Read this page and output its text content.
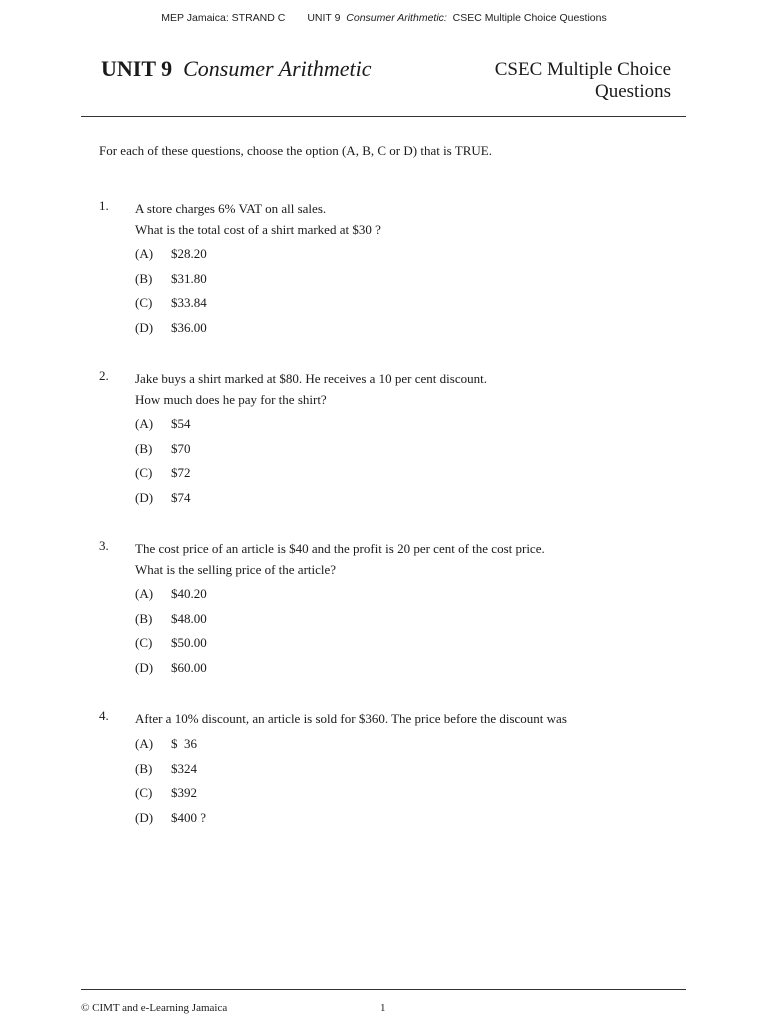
MEP Jamaica: STRAND C UNIT 9 Consumer Arithmetic: CSEC Multiple Choice Questions
UNIT 9 Consumer Arithmetic	CSEC Multiple Choice
Questions
For each of these questions, choose the option (A, B, C or D) that is TRUE.
1. A store charges 6% VAT on all sales.
What is the total cost of a shirt marked at $30 ?
(A) $28.20
(B) $31.80
(C) $33.84
(D) $36.00
2. Jake buys a shirt marked at $80. He receives a 10 per cent discount.
How much does he pay for the shirt?
(A) $54
(B) $70
(C) $72
(D) $74
3. The cost price of an article is $40 and the profit is 20 per cent of the cost price.
What is the selling price of the article?
(A) $40.20
(B) $48.00
(C) $50.00
(D) $60.00
4. After a 10% discount, an article is sold for $360. The price before the discount was
(A) $  36
(B) $324
(C) $392
(D) $400 ?
© CIMT and e-Learning Jamaica	1
